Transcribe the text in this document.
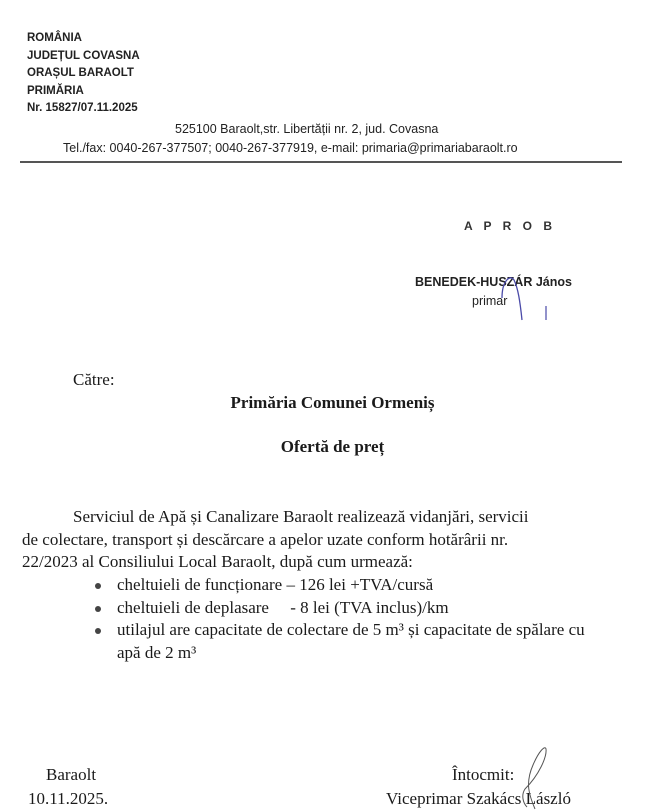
ROMÂNIA
JUDEȚUL COVASNA
ORAȘUL BARAOLT
PRIMĂRIA
Nr. 15827/07.11.2025
525100 Baraolt,str. Libertății nr. 2, jud. Covasna
Tel./fax: 0040-267-377507; 0040-267-377919, e-mail: primaria@primariabaraolt.ro
A P R O B
BENEDEK-HUSZÁR János
primar
Către:
Primăria Comunei Ormeniș
Ofertă de preț

Serviciul de Apă și Canalizare Baraolt realizează vidanjări, servicii

de colectare, transport și descărcare a apelor uzate conform hotărârii nr.

22/2023 al Consiliului Local Baraolt, după cum urmează:

cheltuieli de funcționare – 126 lei +TVA/cursă
cheltuieli de deplasare     - 8 lei (TVA inclus)/km
utilajul are capacitate de colectare de 5 m³ și capacitate de spălare cu apă de 2 m³
Baraolt
10.11.2025.
Întocmit:
Viceprimar Szakács László
